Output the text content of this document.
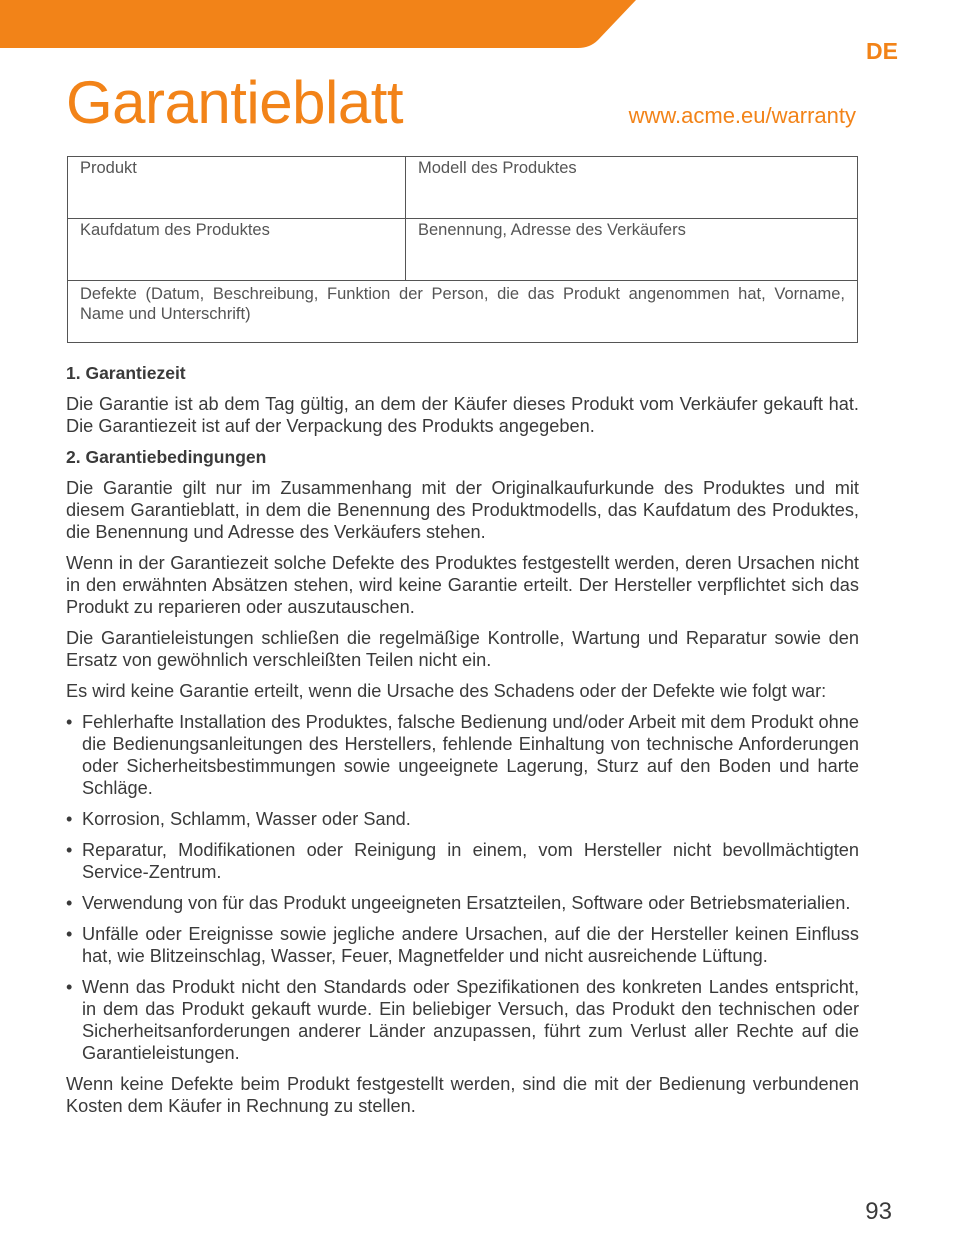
DE
Garantieblatt	www.acme.eu/warranty
Produkt	Modell des Produktes
Kaufdatum des Produktes	Benennung, Adresse des Verkäufers
Defekte (Datum, Beschreibung, Funktion der Person, die das Produkt angenommen hat, Vorname, Name und Unterschrift)
1. Garantiezeit

Die Garantie ist ab dem Tag gültig, an dem der Käufer dieses Produkt vom Verkäufer gekauft hat. Die Garantiezeit ist auf der Verpackung des Produkts angegeben.

2. Garantiebedingungen

Die Garantie gilt nur im Zusammenhang mit der Originalkaufurkunde des Produktes und mit diesem Garantieblatt, in dem die Benennung des Produktmodells, das Kaufdatum des Produktes, die Benennung und Adresse des Verkäufers stehen.

Wenn in der Garantiezeit solche Defekte des Produktes festgestellt werden, deren Ursachen nicht in den erwähnten Absätzen stehen, wird keine Garantie erteilt. Der Hersteller verpflichtet sich das Produkt zu reparieren oder auszutauschen.

Die Garantieleistungen schließen die regelmäßige Kontrolle, Wartung und Reparatur sowie den Ersatz von gewöhnlich verschleißten Teilen nicht ein.

Es wird keine Garantie erteilt, wenn die Ursache des Schadens oder der Defekte wie folgt war:

• Fehlerhafte Installation des Produktes, falsche Bedienung und/oder Arbeit mit dem Produkt ohne die Bedienungsanleitungen des Herstellers, fehlende Einhaltung von technische Anforderungen oder Sicherheitsbestimmungen sowie ungeeignete Lagerung, Sturz auf den Boden und harte Schläge.
• Korrosion, Schlamm, Wasser oder Sand.
• Reparatur, Modifikationen oder Reinigung in einem, vom Hersteller nicht bevollmächtigten Service-Zentrum.
• Verwendung von für das Produkt ungeeigneten Ersatzteilen, Software oder Betriebsmaterialien.
• Unfälle oder Ereignisse sowie jegliche andere Ursachen, auf die der Hersteller keinen Einfluss hat, wie Blitzeinschlag, Wasser, Feuer, Magnetfelder und nicht ausreichende Lüftung.
• Wenn das Produkt nicht den Standards oder Spezifikationen des konkreten Landes entspricht, in dem das Produkt gekauft wurde. Ein beliebiger Versuch, das Produkt den technischen oder Sicherheitsanforderungen anderer Länder anzupassen, führt zum Verlust aller Rechte auf die Garantieleistungen.

Wenn keine Defekte beim Produkt festgestellt werden, sind die mit der Bedienung verbundenen Kosten dem Käufer in Rechnung zu stellen.

93
